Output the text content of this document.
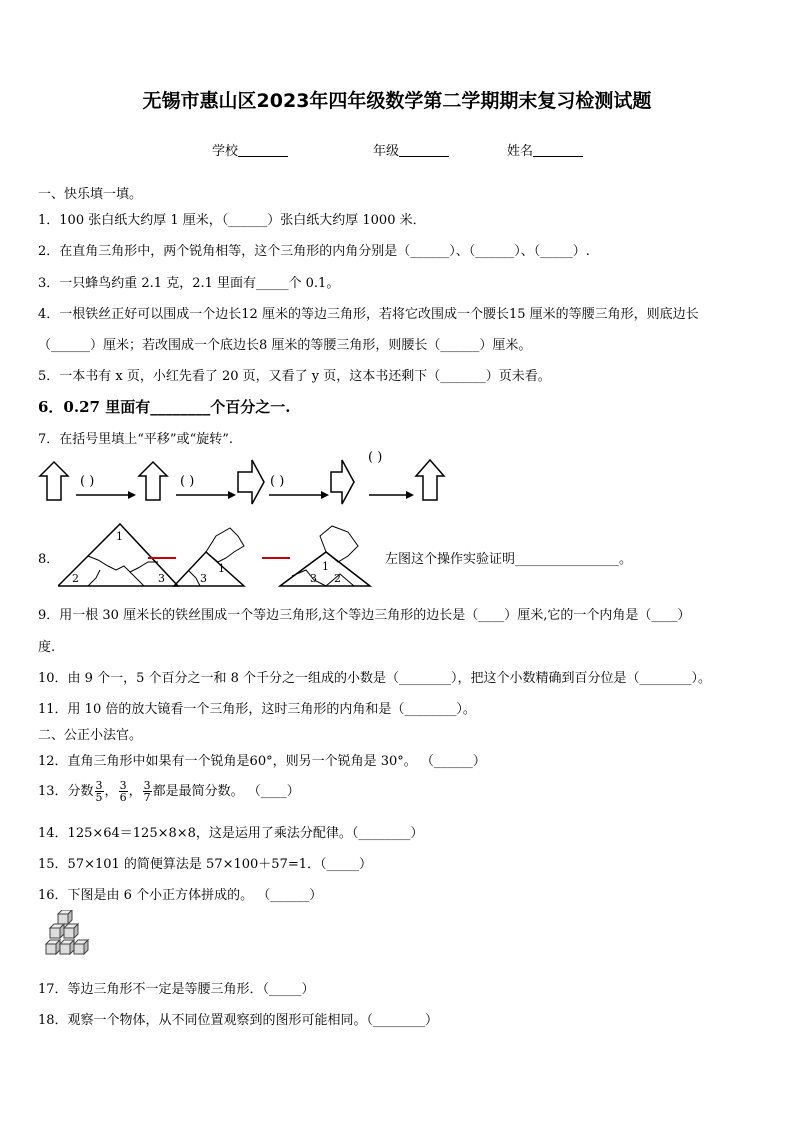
无锡市惠山区2023年四年级数学第二学期期末复习检测试题
学校	年级	姓名
一、快乐填一填。
1．100 张白纸大约厚 1 厘米，（______）张白纸大约厚 1000 米．
2．在直角三角形中，两个锐角相等，这个三角形的内角分别是（______）、（______）、（_____）.
3．一只蜂鸟约重 2.1 克，2.1 里面有_____个 0.1。
4．一根铁丝正好可以围成一个边长12 厘米的等边三角形，若将它改围成一个腰长15 厘米的等腰三角形，则底边长
（______）厘米；若改围成一个底边长8 厘米的等腰三角形，则腰长（______）厘米。
5．一本书有 x 页，小红先看了 20 页，又看了 y 页，这本书还剩下（_______）页未看。
6．0.27 里面有________个百分之一.
7．在括号里填上“平移”或“旋转”.
( )	( )	( )
( )
8．
1
2	3
1
3	3
1
2
左图这个操作实验证明________________。
9．用一根 30 厘米长的铁丝围成一个等边三角形,这个等边三角形的边长是（____）厘米,它的一个内角是（____）
度.
10．由 9 个一，5 个百分之一和 8 个千分之一组成的小数是（________），把这个小数精确到百分位是（________）。
11．用 10 倍的放大镜看一个三角形，这时三角形的内角和是（________）。
二、公正小法官。
12．直角三角形中如果有一个锐角是60°，则另一个锐角是 30°。 （______）
13．分数 $\frac{3}{5}$ ， $\frac{3}{6}$ ， $\frac{3}{7}$ 都是最简分数。 （____）
14．125×64＝125×8×8，这是运用了乘法分配律。（________）
15．57×101 的简便算法是 57×100＋57=1．（_____）
16．下图是由 6 个小正方体拼成的。 （______）
17．等边三角形不一定是等腰三角形．（_____）
18．观察一个物体，从不同位置观察到的图形可能相同。（________）
